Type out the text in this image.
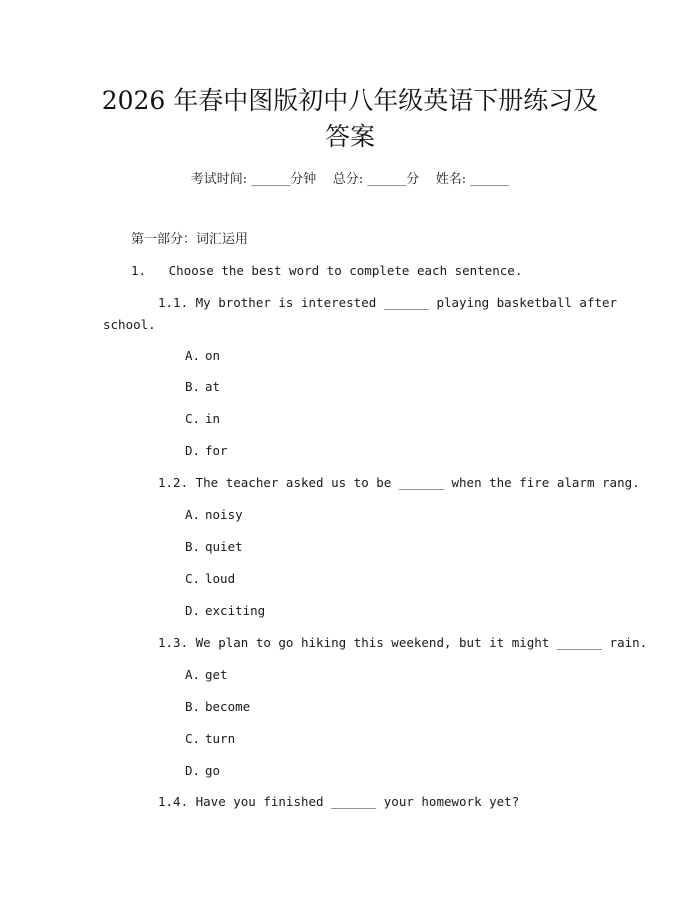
2026 年春中图版初中八年级英语下册练习及
答案
考试时间: ______分钟    总分: ______分    姓名: ______
第一部分：词汇运用
1. Choose the best word to complete each sentence.
1.1. My brother is interested ______ playing basketball after
school.
A. on
B. at
C. in
D. for
1.2. The teacher asked us to be ______ when the fire alarm rang.
A. noisy
B. quiet
C. loud
D. exciting
1.3. We plan to go hiking this weekend, but it might ______ rain.
A. get
B. become
C. turn
D. go
1.4. Have you finished ______ your homework yet?
